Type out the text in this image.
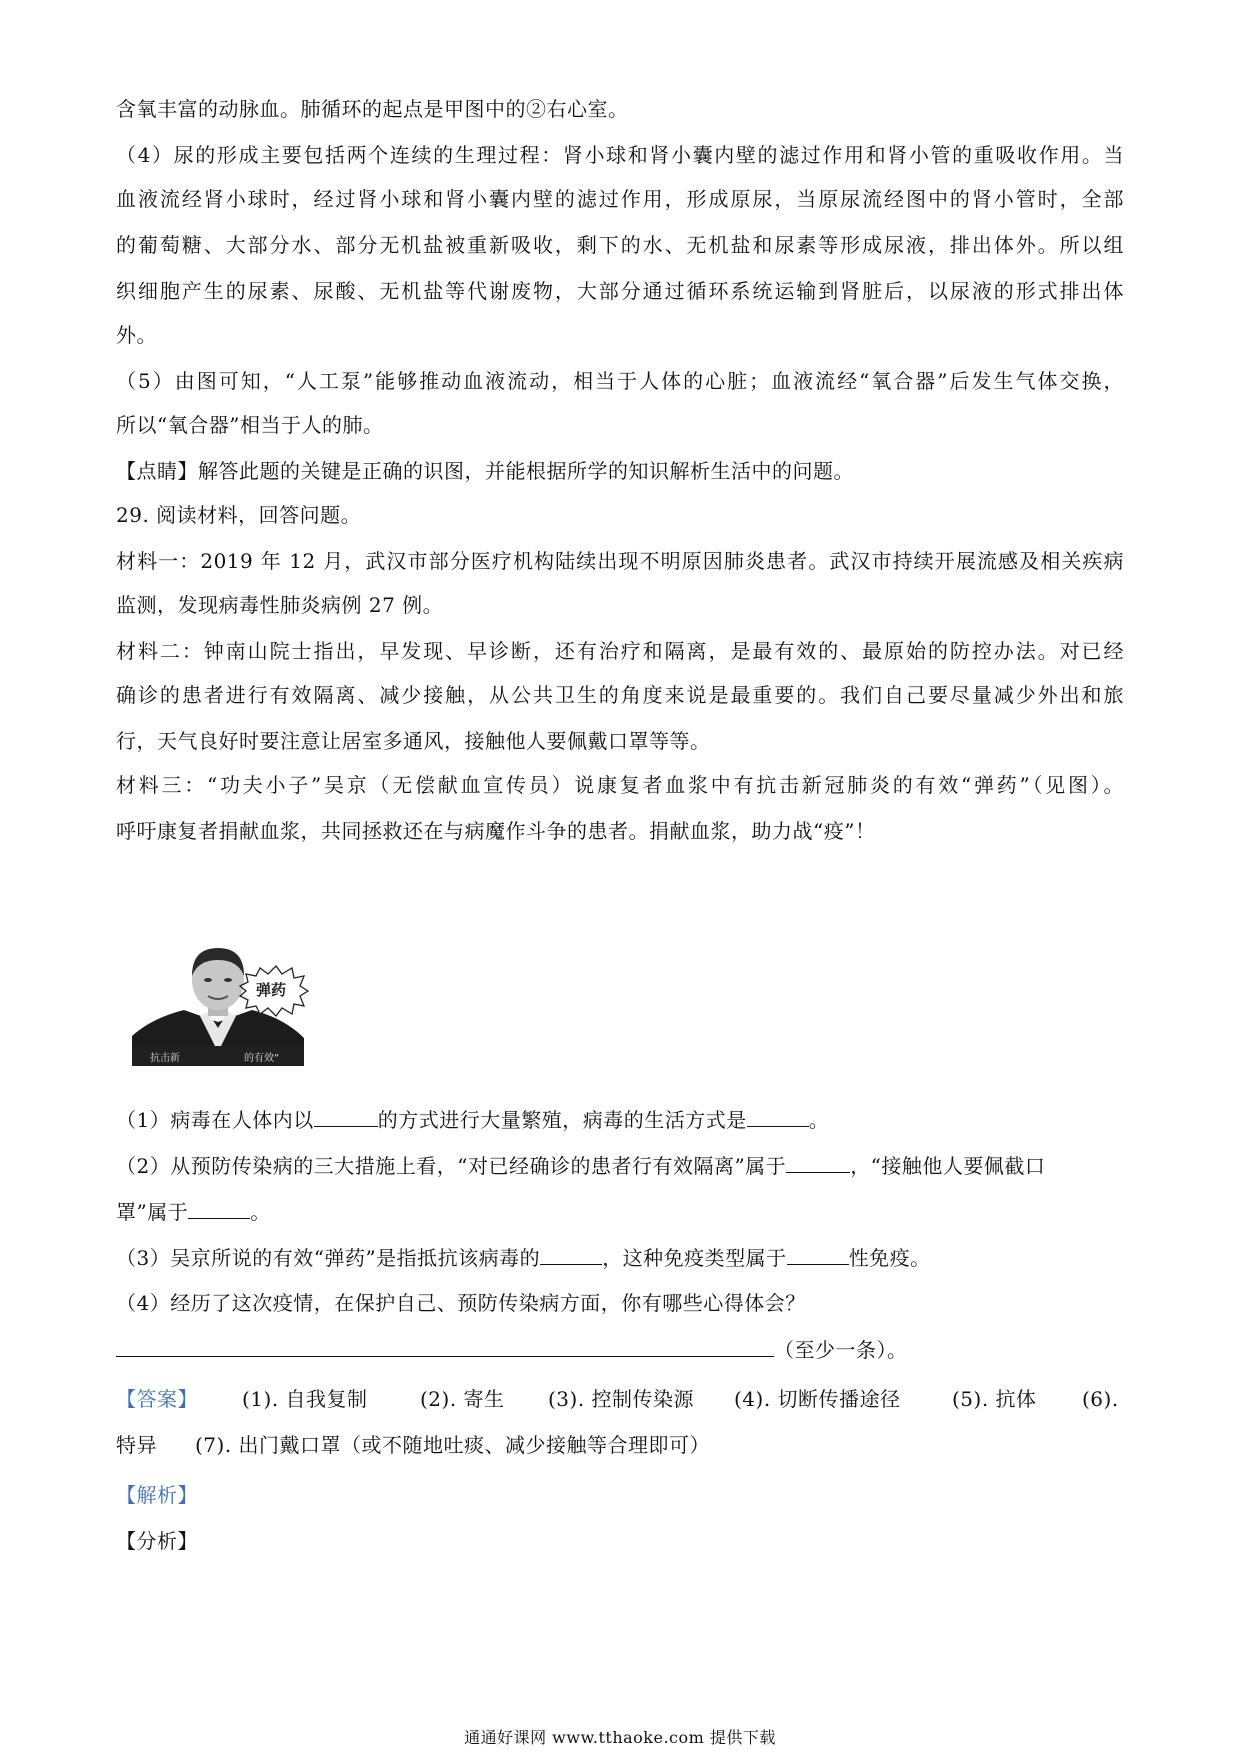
含氧丰富的动脉血。肺循环的起点是甲图中的②右心室。
（4）尿的形成主要包括两个连续的生理过程：肾小球和肾小囊内壁的滤过作用和肾小管的重吸收作用。当
血液流经肾小球时，经过肾小球和肾小囊内壁的滤过作用，形成原尿，当原尿流经图中的肾小管时，全部
的葡萄糖、大部分水、部分无机盐被重新吸收，剩下的水、无机盐和尿素等形成尿液，排出体外。所以组
织细胞产生的尿素、尿酸、无机盐等代谢废物，大部分通过循环系统运输到肾脏后，以尿液的形式排出体
外。
（5）由图可知，“人工泵”能够推动血液流动，相当于人体的心脏；血液流经“氧合器”后发生气体交换，
所以“氧合器”相当于人的肺。
【点睛】解答此题的关键是正确的识图，并能根据所学的知识解析生活中的问题。
29. 阅读材料，回答问题。
材料一：2019 年 12 月，武汉市部分医疗机构陆续出现不明原因肺炎患者。武汉市持续开展流感及相关疾病
监测，发现病毒性肺炎病例 27 例。
材料二：钟南山院士指出，早发现、早诊断，还有治疗和隔离，是最有效的、最原始的防控办法。对已经
确诊的患者进行有效隔离、减少接触，从公共卫生的角度来说是最重要的。我们自己要尽量减少外出和旅
行，天气良好时要注意让居室多通风，接触他人要佩戴口罩等等。
材料三：“功夫小子”吴京（无偿献血宣传员）说康复者血浆中有抗击新冠肺炎的有效“弹药”（见图）。
呼吁康复者捐献血浆，共同拯救还在与病魔作斗争的患者。捐献血浆，助力战“疫”！
抗击新	的有效“
弹药
（1）病毒在人体内以	的方式进行大量繁殖，病毒的生活方式是	。
（2）从预防传染病的三大措施上看，“对已经确诊的患者行有效隔离”属于	，“接触他人要佩截口
罩”属于	。
（3）吴京所说的有效“弹药”是指抵抗该病毒的	，这种免疫类型属于	性免疫。
（4）经历了这次疫情，在保护自己、预防传染病方面，你有哪些心得体会？
（至少一条）。
【答案】 (1). 自我复制	(2). 寄生 (3). 控制传染源 (4). 切断传播途径	(5). 抗体 (6).
特异 (7). 出门戴口罩（或不随地吐痰、减少接触等合理即可）
【解析】
【分析】
通通好课网 www.tthaoke.com 提供下载
